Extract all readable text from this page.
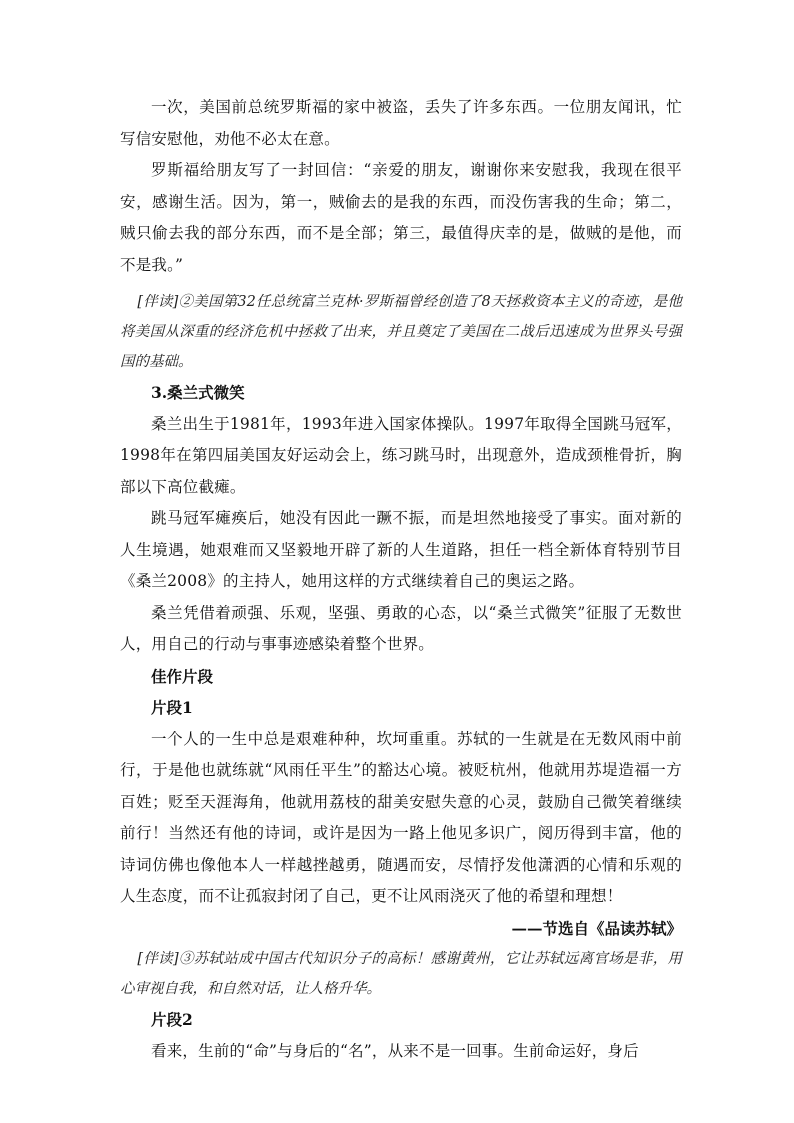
一次，美国前总统罗斯福的家中被盗，丢失了许多东西。一位朋友闻讯，忙写信安慰他，劝他不必太在意。

罗斯福给朋友写了一封回信：“亲爱的朋友，谢谢你来安慰我，我现在很平安，感谢生活。因为，第一，贼偷去的是我的东西，而没伤害我的生命；第二，贼只偷去我的部分东西，而不是全部；第三，最值得庆幸的是，做贼的是他，而不是我。”

[伴读]②美国第32任总统富兰克林·罗斯福曾经创造了8天拯救资本主义的奇迹，是他将美国从深重的经济危机中拯救了出来，并且奠定了美国在二战后迅速成为世界头号强国的基础。

3.桑兰式微笑

桑兰出生于1981年，1993年进入国家体操队。1997年取得全国跳马冠军，1998年在第四届美国友好运动会上，练习跳马时，出现意外，造成颈椎骨折，胸部以下高位截瘫。

跳马冠军瘫痪后，她没有因此一蹶不振，而是坦然地接受了事实。面对新的人生境遇，她艰难而又坚毅地开辟了新的人生道路，担任一档全新体育特别节目《桑兰2008》的主持人，她用这样的方式继续着自己的奥运之路。

桑兰凭借着顽强、乐观，坚强、勇敢的心态，以“桑兰式微笑”征服了无数世人，用自己的行动与事事迹感染着整个世界。

佳作片段

片段1

一个人的一生中总是艰难种种，坎坷重重。苏轼的一生就是在无数风雨中前行，于是他也就练就“风雨任平生”的豁达心境。被贬杭州，他就用苏堤造福一方百姓；贬至天涯海角，他就用荔枝的甜美安慰失意的心灵，鼓励自己微笑着继续前行！当然还有他的诗词，或许是因为一路上他见多识广，阅历得到丰富，他的诗词仿佛也像他本人一样越挫越勇，随遇而安，尽情抒发他潇洒的心情和乐观的人生态度，而不让孤寂封闭了自己，更不让风雨浇灭了他的希望和理想！

——节选自《品读苏轼》

[伴读]③苏轼站成中国古代知识分子的高标！感谢黄州，它让苏轼远离官场是非，用心审视自我，和自然对话，让人格升华。

片段2

看来，生前的“命”与身后的“名”，从来不是一回事。生前命运好，身后
